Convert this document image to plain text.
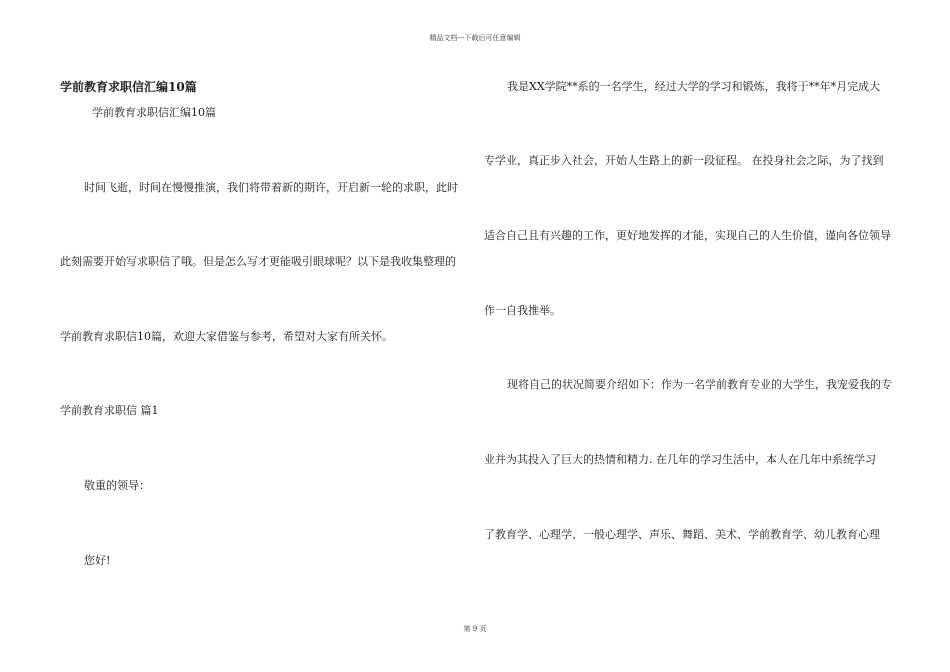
精品文档---下载后可任意编辑
学前教育求职信汇编10篇
学前教育求职信汇编10篇
时间飞逝，时间在慢慢推演，我们将带着新的期许，开启新一轮的求职，此时
此刻需要开始写求职信了哦。但是怎么写才更能吸引眼球呢？以下是我收集整理的
学前教育求职信10篇，欢迎大家借鉴与参考，希望对大家有所关怀。
学前教育求职信 篇1
敬重的领导：
您好!
我是XX学院**系的一名学生，经过大学的学习和锻炼，我将于**年*月完成大
专学业，真正步入社会，开始人生路上的新一段征程。 在投身社会之际，为了找到
适合自己且有兴趣的工作，更好地发挥的才能，实现自己的人生价值，谨向各位领导
作一自我推举。
现将自己的状况简要介绍如下：作为一名学前教育专业的大学生，我宠爱我的专
业并为其投入了巨大的热情和精力. 在几年的学习生活中，本人在几年中系统学习
了教育学、心理学、一般心理学、声乐、舞蹈、美术、学前教育学、幼儿教育心理
第 9 页
